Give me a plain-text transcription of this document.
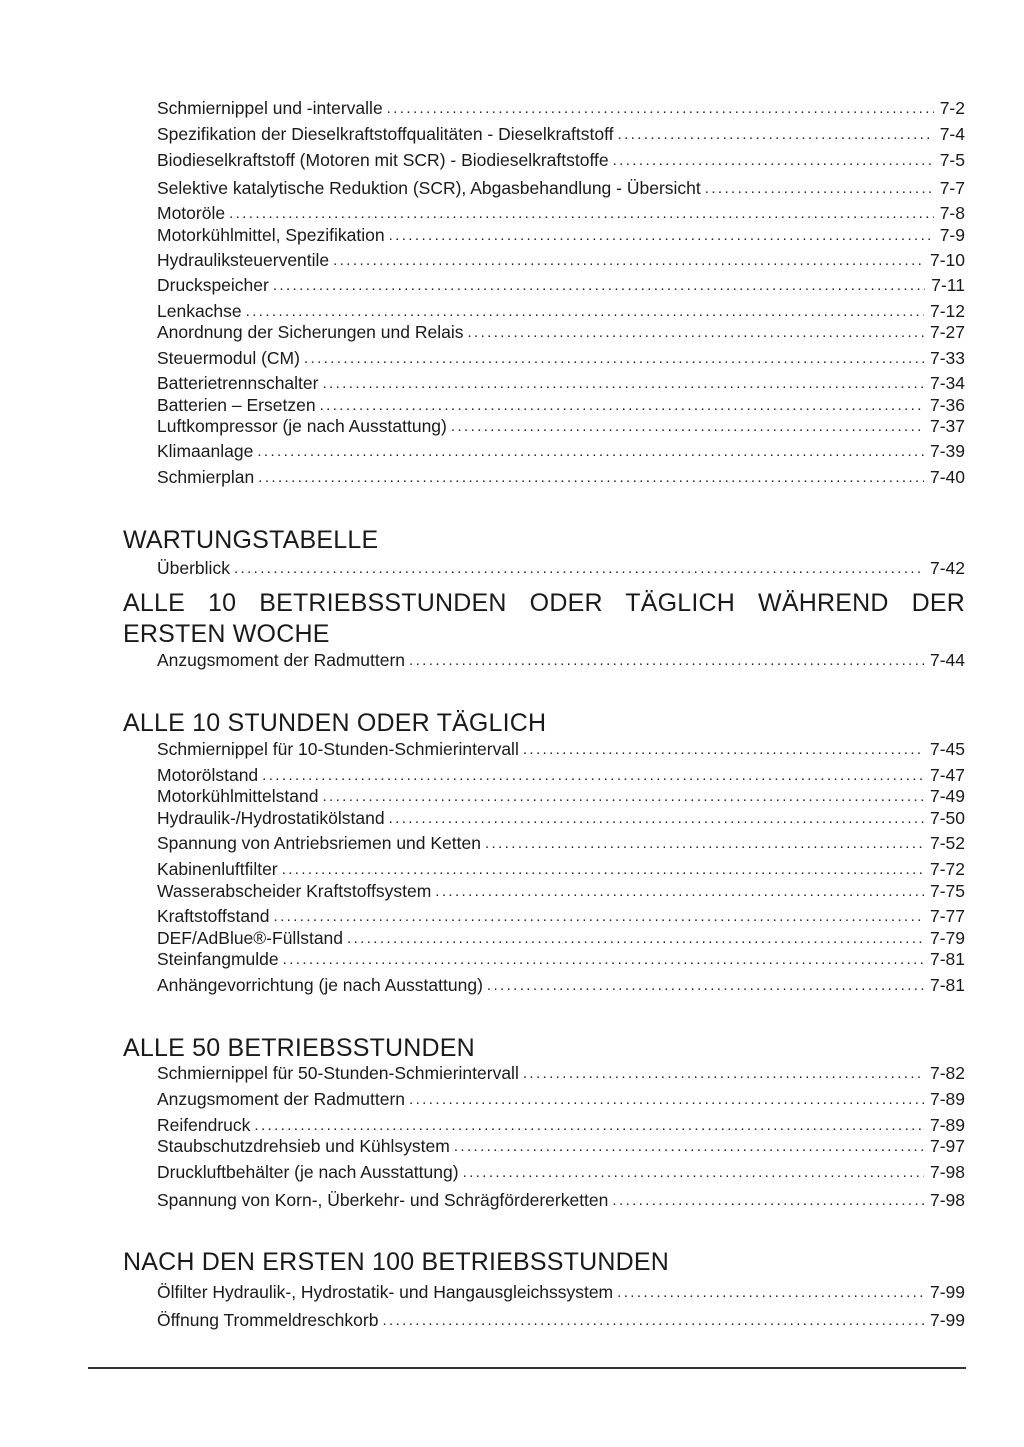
Schmiernippel und -intervalle .....	7-2
Spezifikation der Dieselkraftstoffqualitäten - Dieselkraftstoff .....	7-4
Biodieselkraftstoff (Motoren mit SCR) - Biodieselkraftstoffe .....	7-5
Selektive katalytische Reduktion (SCR), Abgasbehandlung - Übersicht .....	7-7
Motoröle .....	7-8
Motorkühlmittel, Spezifikation .....	7-9
Hydrauliksteuerventile .....	7-10
Druckspeicher .....	7-11
Lenkachse .....	7-12
Anordnung der Sicherungen und Relais .....	7-27
Steuermodul (CM) .....	7-33
Batterietrennschalter .....	7-34
Batterien – Ersetzen .....	7-36
Luftkompressor (je nach Ausstattung) .....	7-37
Klimaanlage .....	7-39
Schmierplan .....	7-40
WARTUNGSTABELLE
Überblick .....	7-42
ALLE 10 BETRIEBSSTUNDEN ODER TÄGLICH WÄHREND DER ERSTEN WOCHE
Anzugsmoment der Radmuttern .....	7-44
ALLE 10 STUNDEN ODER TÄGLICH
Schmiernippel für 10-Stunden-Schmierintervall .....	7-45
Motorölstand .....	7-47
Motorkühlmittelstand .....	7-49
Hydraulik-/Hydrostatikölstand .....	7-50
Spannung von Antriebsriemen und Ketten .....	7-52
Kabinenluftfilter .....	7-72
Wasserabscheider Kraftstoffsystem .....	7-75
Kraftstoffstand .....	7-77
DEF/AdBlue®-Füllstand .....	7-79
Steinfangmulde .....	7-81
Anhängevorrichtung (je nach Ausstattung) .....	7-81
ALLE 50 BETRIEBSSTUNDEN
Schmiernippel für 50-Stunden-Schmierintervall .....	7-82
Anzugsmoment der Radmuttern .....	7-89
Reifendruck .....	7-89
Staubschutzdrehsieb und Kühlsystem .....	7-97
Druckluftbehälter (je nach Ausstattung) .....	7-98
Spannung von Korn-, Überkehr- und Schrägfördererketten .....	7-98
NACH DEN ERSTEN 100 BETRIEBSSTUNDEN
Ölfilter Hydraulik-, Hydrostatik- und Hangausgleichssystem .....	7-99
Öffnung Trommeldreschkorb .....	7-99
